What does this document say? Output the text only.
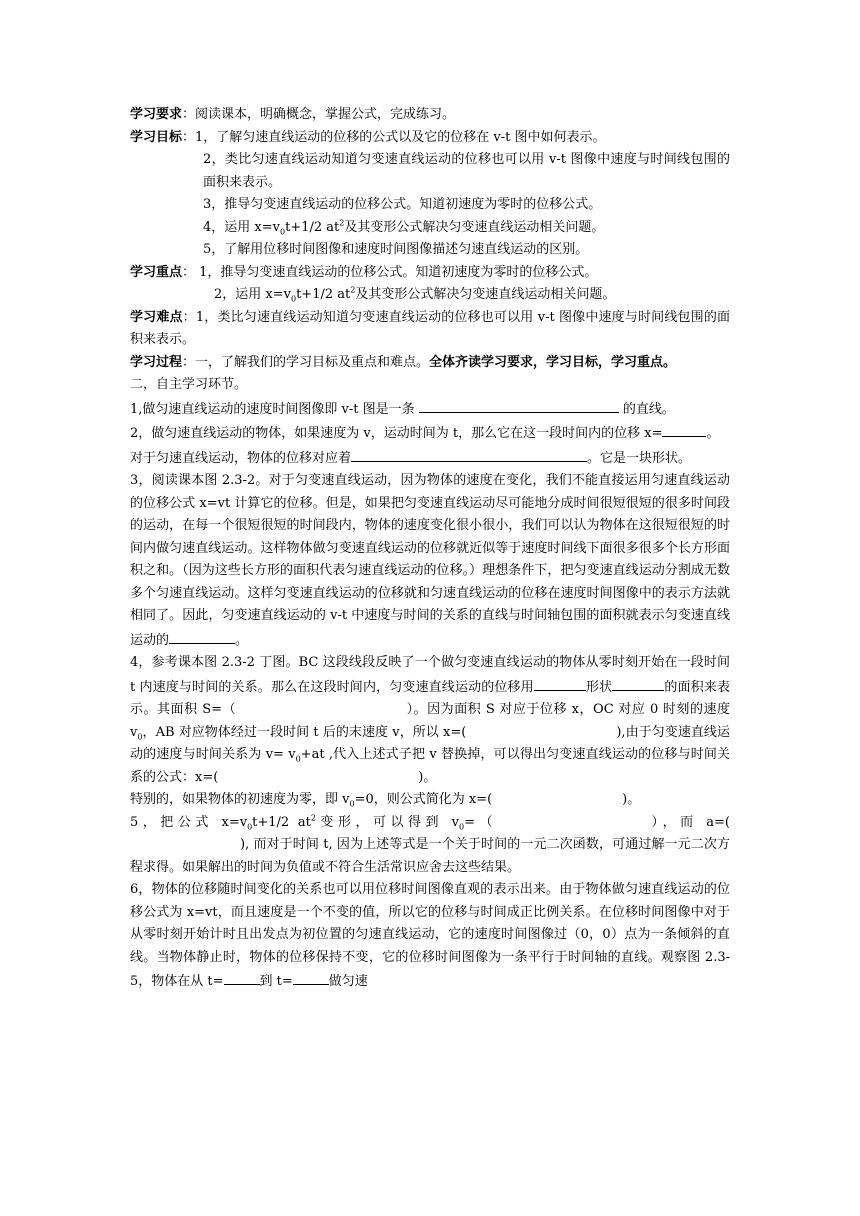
学习要求：阅读课本，明确概念，掌握公式，完成练习。

学习目标：1，了解匀速直线运动的位移的公式以及它的位移在 v-t 图中如何表示。

2，类比匀速直线运动知道匀变速直线运动的位移也可以用 v-t 图像中速度与时间线包围的面积来表示。

3，推导匀变速直线运动的位移公式。知道初速度为零时的位移公式。

4，运用 $x=v_0t+1/2$ $at^2$及其变形公式解决匀变速直线运动相关问题。

5，了解用位移时间图像和速度时间图像描述匀速直线运动的区别。

学习重点： 1，推导匀变速直线运动的位移公式。知道初速度为零时的位移公式。

2，运用 $x=v_0t+1/2$ $at^2$及其变形公式解决匀变速直线运动相关问题。

学习难点：1，类比匀速直线运动知道匀变速直线运动的位移也可以用 v-t 图像中速度与时间线包围的面积来表示。

学习过程：一，了解我们的学习目标及重点和难点。全体齐读学习要求，学习目标，学习重点。

二，自主学习环节。

1,做匀速直线运动的速度时间图像即 v-t 图是一条	的直线。

2，做匀速直线运动的物体，如果速度为 v，运动时间为 t，那么它在这一段时间内的位移 x=	。

对于匀速直线运动，物体的位移对应着	。它是一块形状。

3，阅读课本图 2.3-2。对于匀变速直线运动，因为物体的速度在变化，我们不能直接运用匀速直线运动的位移公式 x=vt 计算它的位移。但是，如果把匀变速直线运动尽可能地分成时间很短很短的很多时间段的运动，在每一个很短很短的时间段内，物体的速度变化很小很小，我们可以认为物体在这很短很短的时间内做匀速直线运动。这样物体做匀变速直线运动的位移就近似等于速度时间线下面很多很多个长方形面积之和。（因为这些长方形的面积代表匀速直线运动的位移。）理想条件下，把匀变速直线运动分割成无数多个匀速直线运动。这样匀变速直线运动的位移就和匀速直线运动的位移在速度时间图像中的表示方法就相同了。因此，匀变速直线运动的 v-t 中速度与时间的关系的直线与时间轴包围的面积就表示匀变速直线运动的	。

4，参考课本图 2.3-2 丁图。BC 这段线段反映了一个做匀变速直线运动的物体从零时刻开始在一段时间 t 内速度与时间的关系。那么在这段时间内，匀变速直线运动的位移用	形状	的面积来表示。其面积 S=（	）。因为面积 S 对应于位移 x，OC 对应 0 时刻的速度 $v_0$，AB 对应物体经过一段时间 t 后的末速度 v，所以 x=(	),由于匀变速直线运动的速度与时间关系为 $v= v_0+at$ ,代入上述式子把 v 替换掉，可以得出匀变速直线运动的位移与时间关系的公式：x=(	)。

特别的，如果物体的初速度为零，即 $v_0=0$，则公式简化为 x=(	)。

5，把公式 $x=v_0t+1/2$ $at^2$变形，可以得到 $v_0=$（	），而 a=(), 而对于时间 t, 因为上述等式是一个关于时间的一元二次函数，可通过解一元二次方程求得。如果解出的时间为负值或不符合生活常识应舍去这些结果。

6，物体的位移随时间变化的关系也可以用位移时间图像直观的表示出来。由于物体做匀速直线运动的位移公式为 x=vt，而且速度是一个不变的值，所以它的位移与时间成正比例关系。在位移时间图像中对于从零时刻开始计时且出发点为初位置的匀速直线运动，它的速度时间图像过（0，0）点为一条倾斜的直线。当物体静止时，物体的位移保持不变，它的位移时间图像为一条平行于时间轴的直线。观察图 2.3-5，物体在从 t=	到 t=	做匀速
